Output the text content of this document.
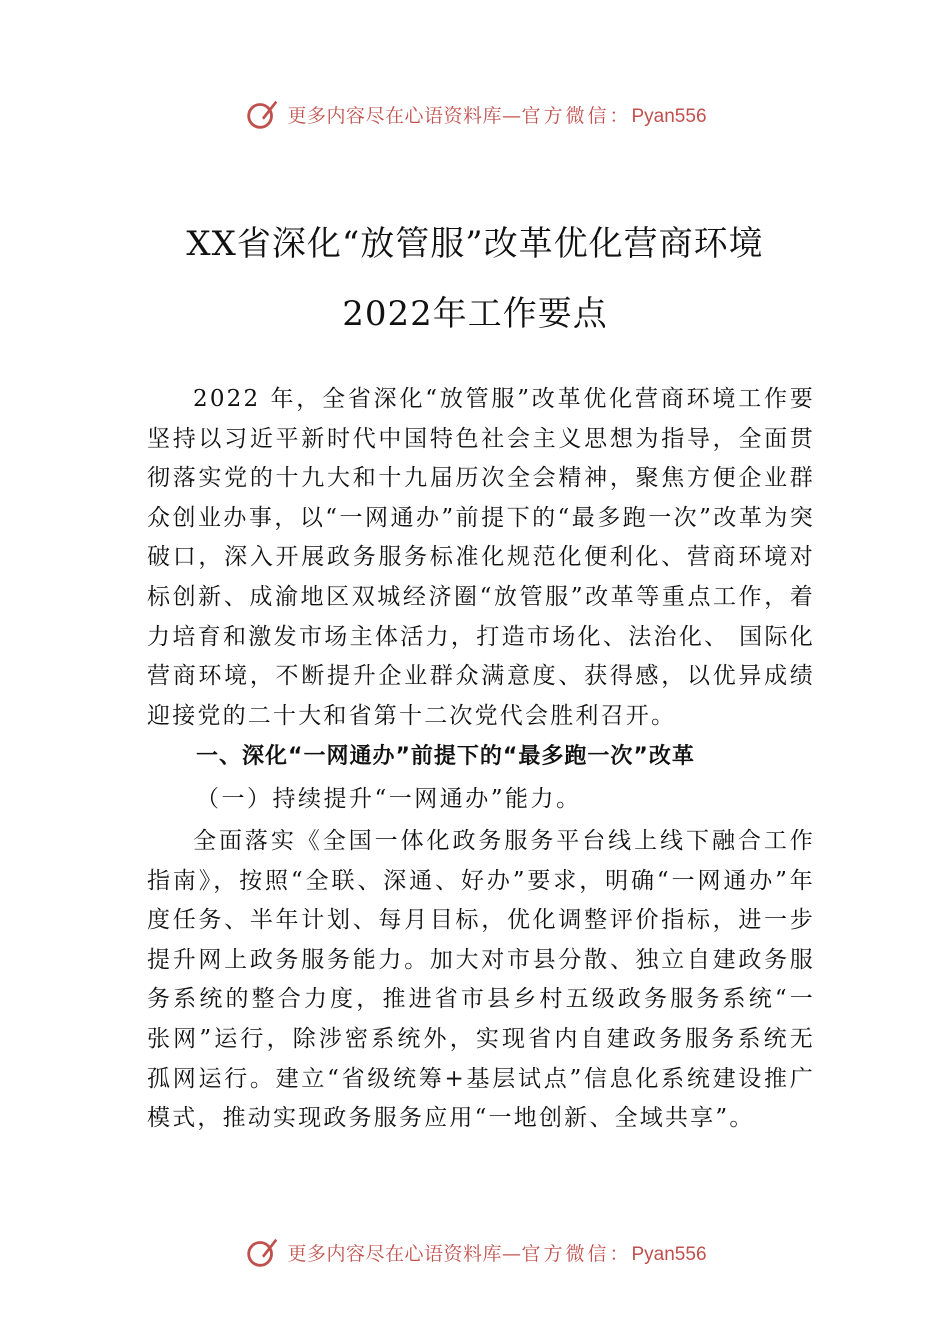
更多内容尽在心语资料库—官方微信：Pyan556
XX省深化“放管服”改革优化营商环境
2022年工作要点
2022 年，全省深化“放管服”改革优化营商环境工作要坚持以习近平新时代中国特色社会主义思想为指导，全面贯彻落实党的十九大和十九届历次全会精神，聚焦方便企业群众创业办事，以“一网通办”前提下的“最多跑一次”改革为突破口，深入开展政务服务标准化规范化便利化、营商环境对标创新、成渝地区双城经济圈“放管服”改革等重点工作，着力培育和激发市场主体活力，打造市场化、法治化、 国际化营商环境，不断提升企业群众满意度、获得感，以优异成绩迎接党的二十大和省第十二次党代会胜利召开。
一、深化“一网通办”前提下的“最多跑一次”改革
（一）持续提升“一网通办”能力。
全面落实《全国一体化政务服务平台线上线下融合工作指南》，按照“全联、深通、好办”要求，明确“一网通办”年度任务、半年计划、每月目标，优化调整评价指标，进一步提升网上政务服务能力。加大对市县分散、独立自建政务服务系统的整合力度，推进省市县乡村五级政务服务系统“一张网”运行，除涉密系统外，实现省内自建政务服务系统无孤网运行。建立“省级统筹+基层试点”信息化系统建设推广模式，推动实现政务服务应用“一地创新、全域共享”。
更多内容尽在心语资料库—官方微信：Pyan556
